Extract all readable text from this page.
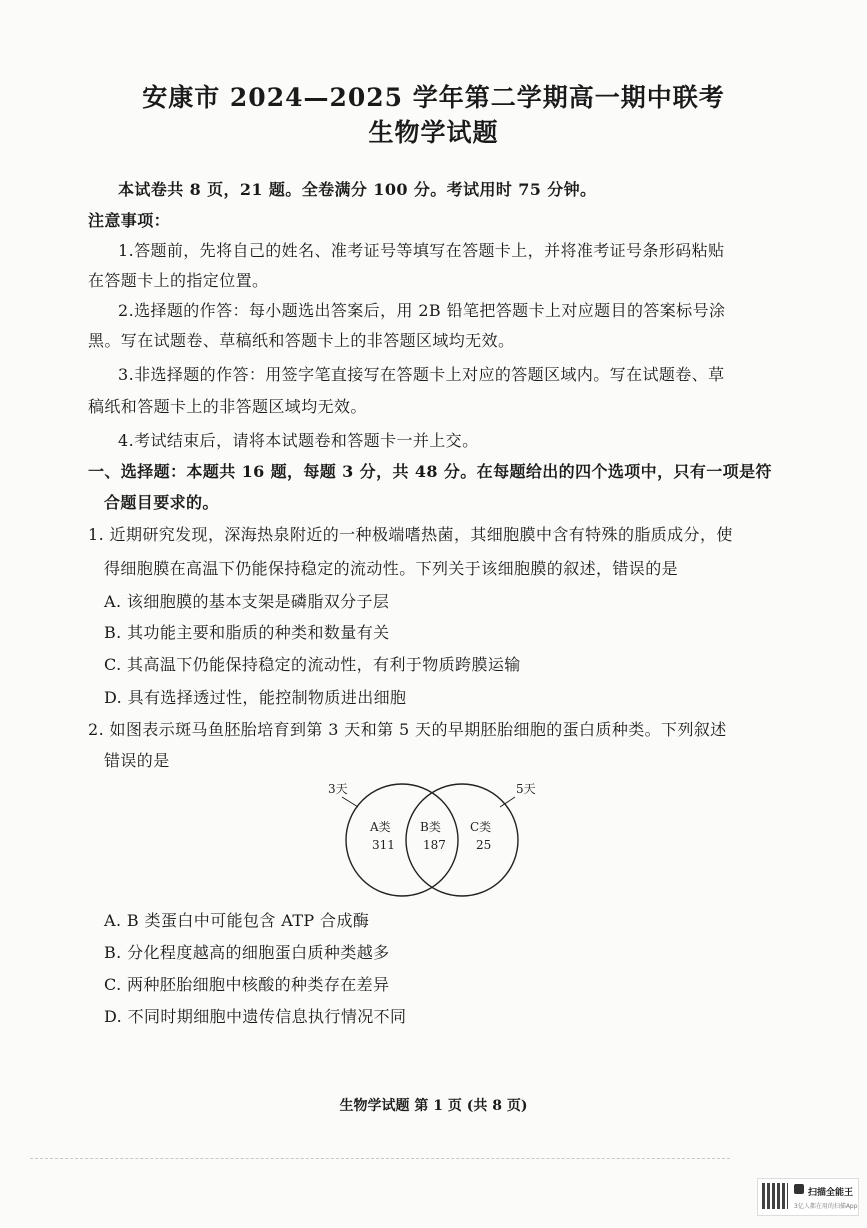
安康市 2024—2025 学年第二学期高一期中联考
生物学试题
本试卷共 8 页，21 题。全卷满分 100 分。考试用时 75 分钟。
注意事项：
1.答题前，先将自己的姓名、准考证号等填写在答题卡上，并将准考证号条形码粘贴
在答题卡上的指定位置。
2.选择题的作答：每小题选出答案后，用 2B 铅笔把答题卡上对应题目的答案标号涂
黑。写在试题卷、草稿纸和答题卡上的非答题区域均无效。
3.非选择题的作答：用签字笔直接写在答题卡上对应的答题区域内。写在试题卷、草
稿纸和答题卡上的非答题区域均无效。
4.考试结束后，请将本试题卷和答题卡一并上交。
一、选择题：本题共 16 题，每题 3 分，共 48 分。在每题给出的四个选项中，只有一项是符
合题目要求的。
1. 近期研究发现，深海热泉附近的一种极端嗜热菌，其细胞膜中含有特殊的脂质成分，使
得细胞膜在高温下仍能保持稳定的流动性。下列关于该细胞膜的叙述，错误的是
A. 该细胞膜的基本支架是磷脂双分子层
B. 其功能主要和脂质的种类和数量有关
C. 其高温下仍能保持稳定的流动性，有利于物质跨膜运输
D. 具有选择透过性，能控制物质进出细胞
2. 如图表示斑马鱼胚胎培育到第 3 天和第 5 天的早期胚胎细胞的蛋白质种类。下列叙述
错误的是
3天	5天
A类
311
B类
187
C类
25
A. B 类蛋白中可能包含 ATP 合成酶
B. 分化程度越高的细胞蛋白质种类越多
C. 两种胚胎细胞中核酸的种类存在差异
D. 不同时期细胞中遗传信息执行情况不同
生物学试题 第 1 页 (共 8 页)
扫描全能王
3亿人都在用的扫描App
